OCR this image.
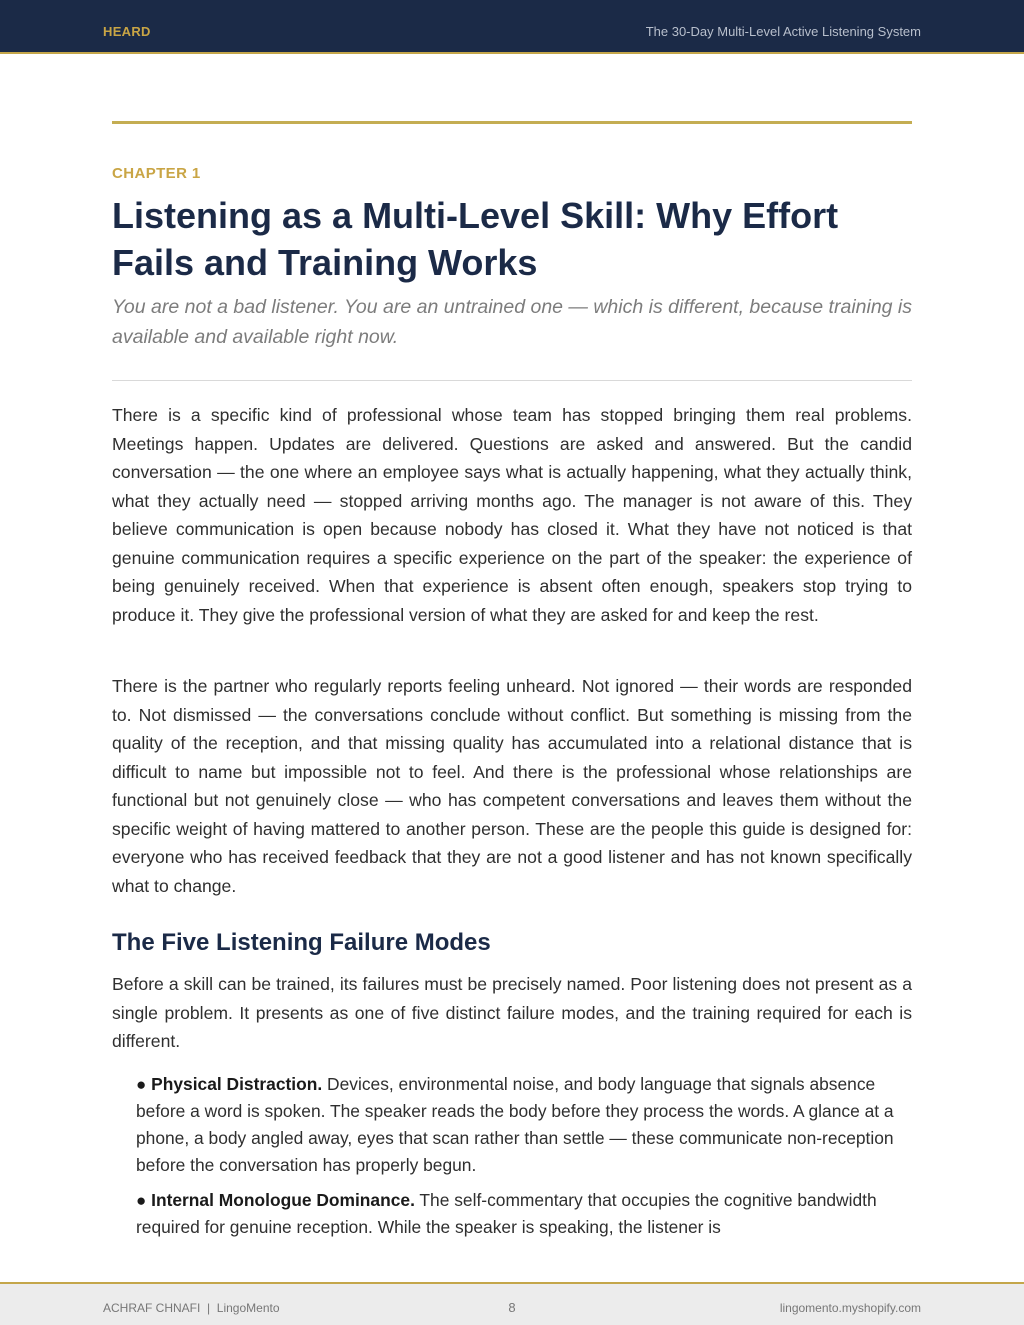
HEARD	The 30-Day Multi-Level Active Listening System
CHAPTER 1
Listening as a Multi-Level Skill: Why Effort Fails and Training Works

You are not a bad listener. You are an untrained one — which is different, because training is available and available right now.

There is a specific kind of professional whose team has stopped bringing them real problems. Meetings happen. Updates are delivered. Questions are asked and answered. But the candid conversation — the one where an employee says what is actually happening, what they actually think, what they actually need — stopped arriving months ago. The manager is not aware of this. They believe communication is open because nobody has closed it. What they have not noticed is that genuine communication requires a specific experience on the part of the speaker: the experience of being genuinely received. When that experience is absent often enough, speakers stop trying to produce it. They give the professional version of what they are asked for and keep the rest.

There is the partner who regularly reports feeling unheard. Not ignored — their words are responded to. Not dismissed — the conversations conclude without conflict. But something is missing from the quality of the reception, and that missing quality has accumulated into a relational distance that is difficult to name but impossible not to feel. And there is the professional whose relationships are functional but not genuinely close — who has competent conversations and leaves them without the specific weight of having mattered to another person. These are the people this guide is designed for: everyone who has received feedback that they are not a good listener and has not known specifically what to change.

The Five Listening Failure Modes

Before a skill can be trained, its failures must be precisely named. Poor listening does not present as a single problem. It presents as one of five distinct failure modes, and the training required for each is different.

● Physical Distraction. Devices, environmental noise, and body language that signals absence before a word is spoken. The speaker reads the body before they process the words. A glance at a phone, a body angled away, eyes that scan rather than settle — these communicate non-reception before the conversation has properly begun.
● Internal Monologue Dominance. The self-commentary that occupies the cognitive bandwidth required for genuine reception. While the speaker is speaking, the listener is
ACHRAF CHNAFI  |  LingoMento	8	lingomento.myshopify.com
